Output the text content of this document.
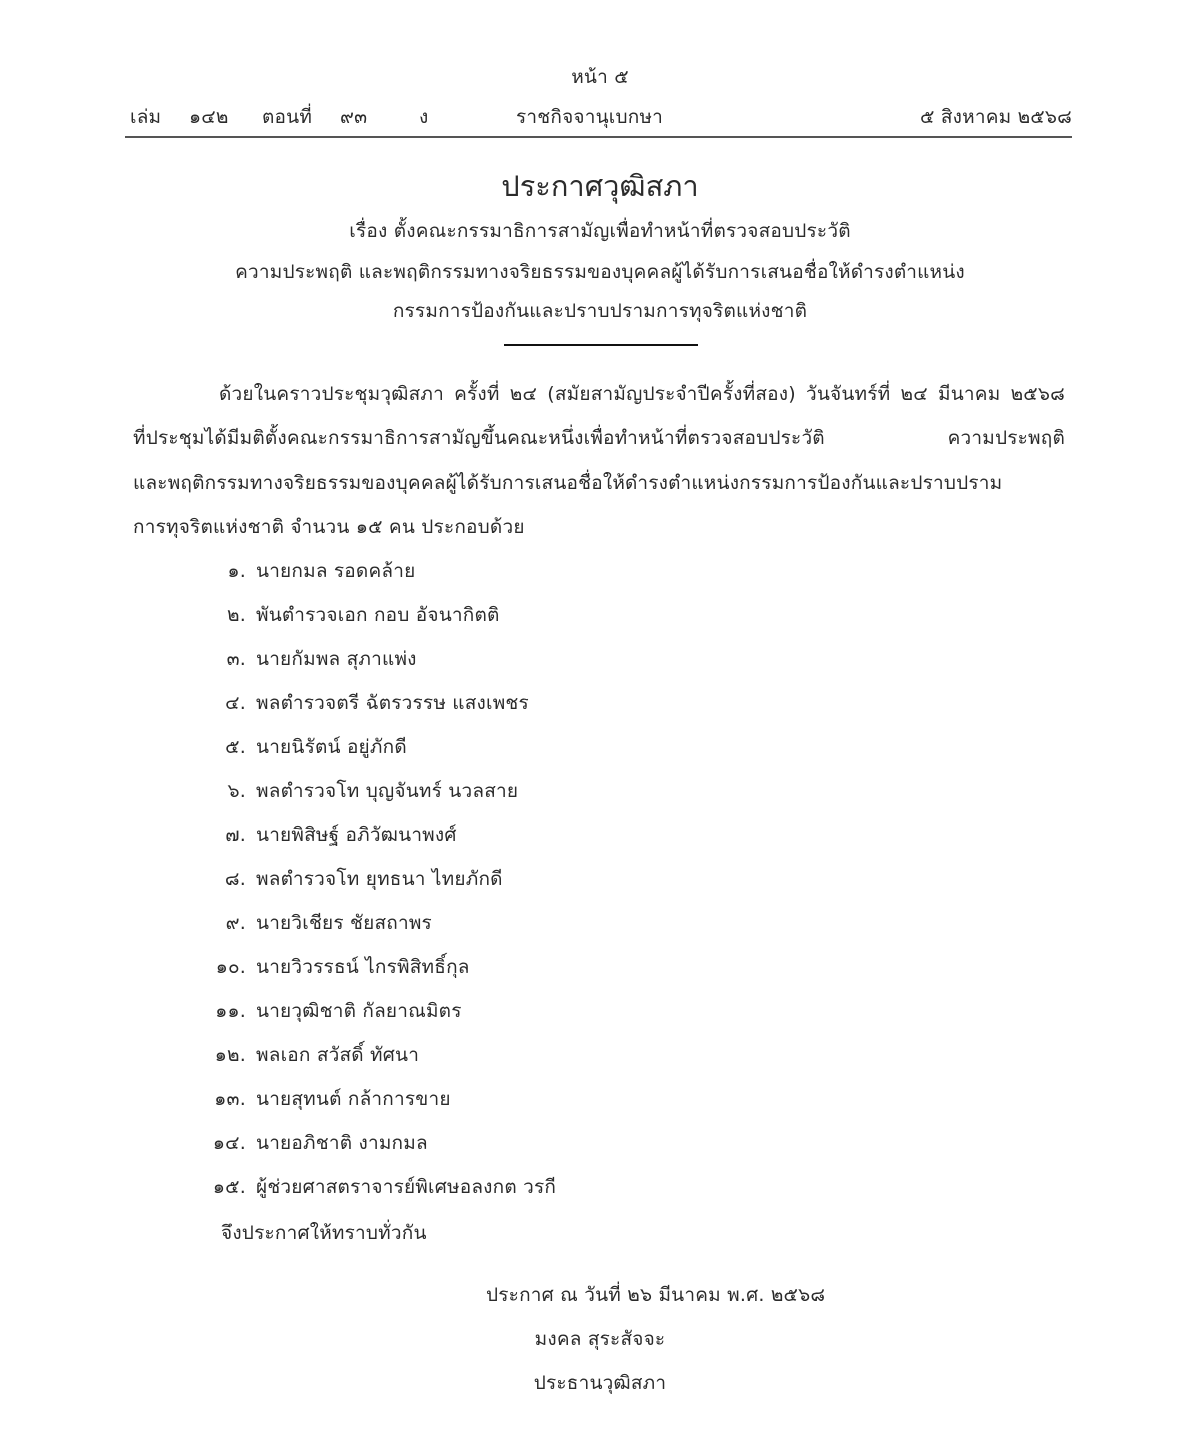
หน้า ๕
เล่ม ๑๔๒ ตอนที่ ๙๓	ง	ราชกิจจานุเบกษา	๕ สิงหาคม ๒๕๖๘
ประกาศวุฒิสภา
เรื่อง ตั้งคณะกรรมาธิการสามัญเพื่อทำหน้าที่ตรวจสอบประวัติ
ความประพฤติ และพฤติกรรมทางจริยธรรมของบุคคลผู้ได้รับการเสนอชื่อให้ดำรงตำแหน่ง
กรรมการป้องกันและปราบปรามการทุจริตแห่งชาติ
ด้วยในคราวประชุมวุฒิสภา ครั้งที่ ๒๔ (สมัยสามัญประจำปีครั้งที่สอง) วันจันทร์ที่ ๒๔ มีนาคม ๒๕๖๘
ที่ประชุมได้มีมติตั้งคณะกรรมาธิการสามัญขึ้นคณะหนึ่งเพื่อทำหน้าที่ตรวจสอบประวัติ ความประพฤติ
และพฤติกรรมทางจริยธรรมของบุคคลผู้ได้รับการเสนอชื่อให้ดำรงตำแหน่งกรรมการป้องกันและปราบปราม
การทุจริตแห่งชาติ จำนวน ๑๕ คน ประกอบด้วย
๑. นายกมล รอดคล้าย
๒. พันตำรวจเอก กอบ อัจนากิตติ
๓. นายกัมพล สุภาแพ่ง
๔. พลตำรวจตรี ฉัตรวรรษ แสงเพชร
๕. นายนิรัตน์ อยู่ภักดี
๖. พลตำรวจโท บุญจันทร์ นวลสาย
๗. นายพิสิษฐ์ อภิวัฒนาพงศ์
๘. พลตำรวจโท ยุทธนา ไทยภักดี
๙. นายวิเชียร ชัยสถาพร
๑๐. นายวิวรรธน์ ไกรพิสิทธิ์กุล
๑๑. นายวุฒิชาติ กัลยาณมิตร
๑๒. พลเอก สวัสดิ์ ทัศนา
๑๓. นายสุทนต์ กล้าการขาย
๑๔. นายอภิชาติ งามกมล
๑๕. ผู้ช่วยศาสตราจารย์พิเศษอลงกต วรกี
จึงประกาศให้ทราบทั่วกัน
ประกาศ ณ วันที่ ๒๖ มีนาคม พ.ศ. ๒๕๖๘
มงคล สุระสัจจะ
ประธานวุฒิสภา
